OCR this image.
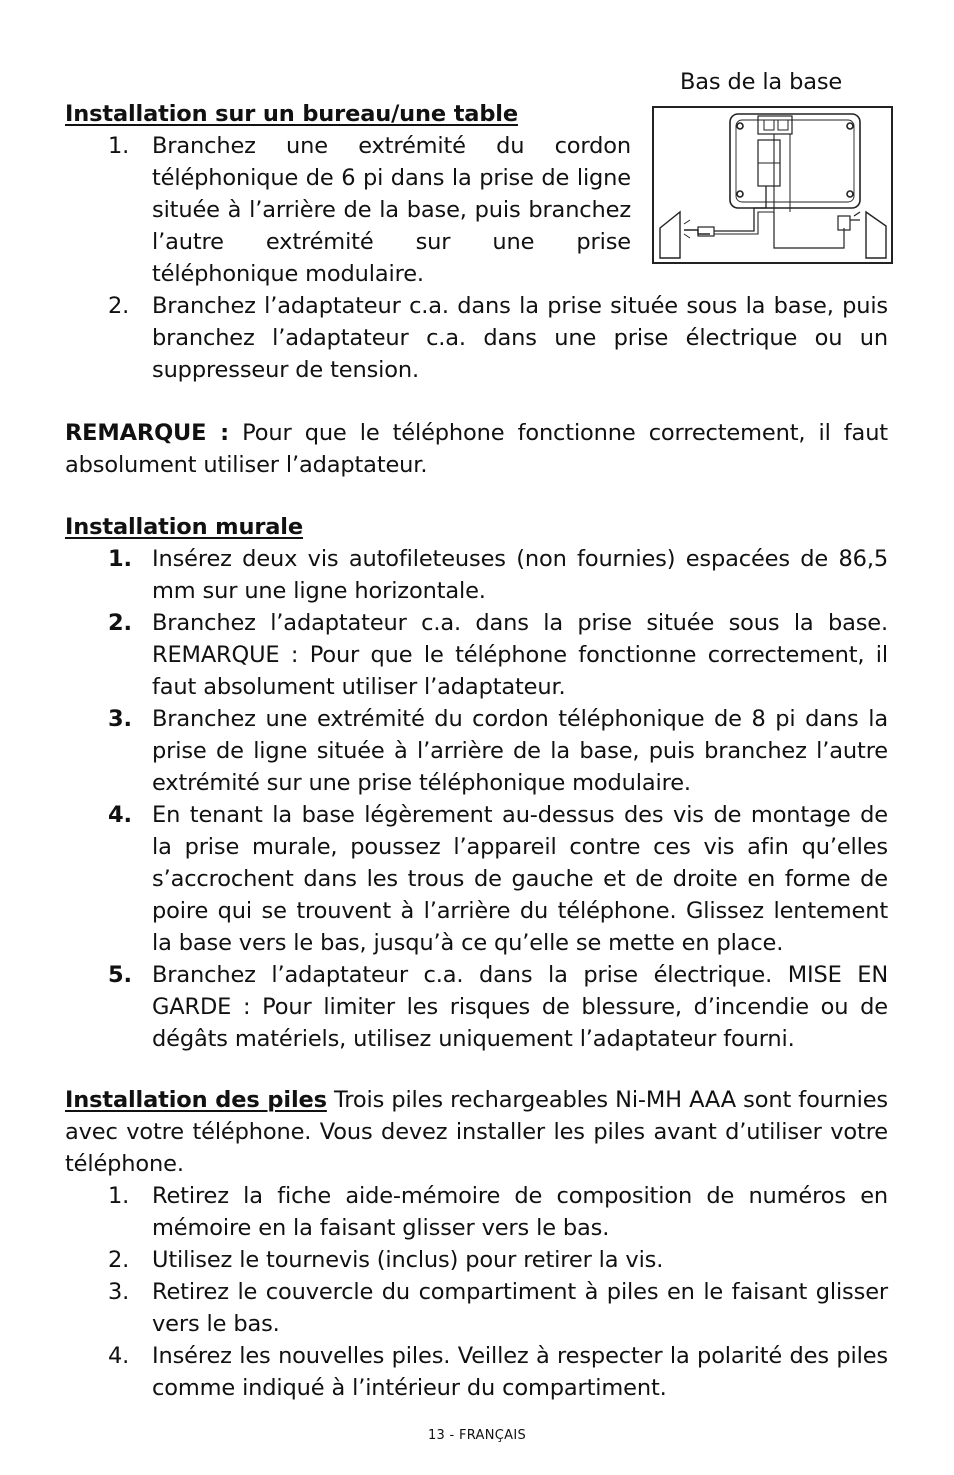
Bas de la base
Installation sur un bureau/une table
1. Branchez une extrémité du cordon téléphonique de 6 pi dans la prise de ligne située à l’arrière de la base, puis branchez l’autre extrémité sur une prise téléphonique modulaire.
2. Branchez l’adaptateur c.a. dans la prise située sous la base, puis branchez l’adaptateur c.a. dans une prise électrique ou un suppresseur de tension.
REMARQUE : Pour que le téléphone fonctionne correctement, il faut absolument utiliser l’adaptateur.
Installation murale
1. Insérez deux vis autofileteuses (non fournies) espacées de 86,5 mm sur une ligne horizontale.
2. Branchez l’adaptateur c.a. dans la prise située sous la base. REMARQUE : Pour que le téléphone fonctionne correctement, il faut absolument utiliser l’adaptateur.
3. Branchez une extrémité du cordon téléphonique de 8 pi dans la prise de ligne située à l’arrière de la base, puis branchez l’autre extrémité sur une prise téléphonique modulaire.
4. En tenant la base légèrement au-dessus des vis de montage de la prise murale, poussez l’appareil contre ces vis afin qu’elles s’accrochent dans les trous de gauche et de droite en forme de poire qui se trouvent à l’arrière du téléphone. Glissez lentement la base vers le bas, jusqu’à ce qu’elle se mette en place.
5. Branchez l’adaptateur c.a. dans la prise électrique. MISE EN GARDE : Pour limiter les risques de blessure, d’incendie ou de dégâts matériels, utilisez uniquement l’adaptateur fourni.
Installation des piles Trois piles rechargeables Ni-MH AAA sont fournies avec votre téléphone. Vous devez installer les piles avant d’utiliser votre téléphone.
1. Retirez la fiche aide-mémoire de composition de numéros en mémoire en la faisant glisser vers le bas.
2. Utilisez le tournevis (inclus) pour retirer la vis.
3. Retirez le couvercle du compartiment à piles en le faisant glisser vers le bas.
4. Insérez les nouvelles piles. Veillez à respecter la polarité des piles comme indiqué à l’intérieur du compartiment.
13 - FRANÇAIS
